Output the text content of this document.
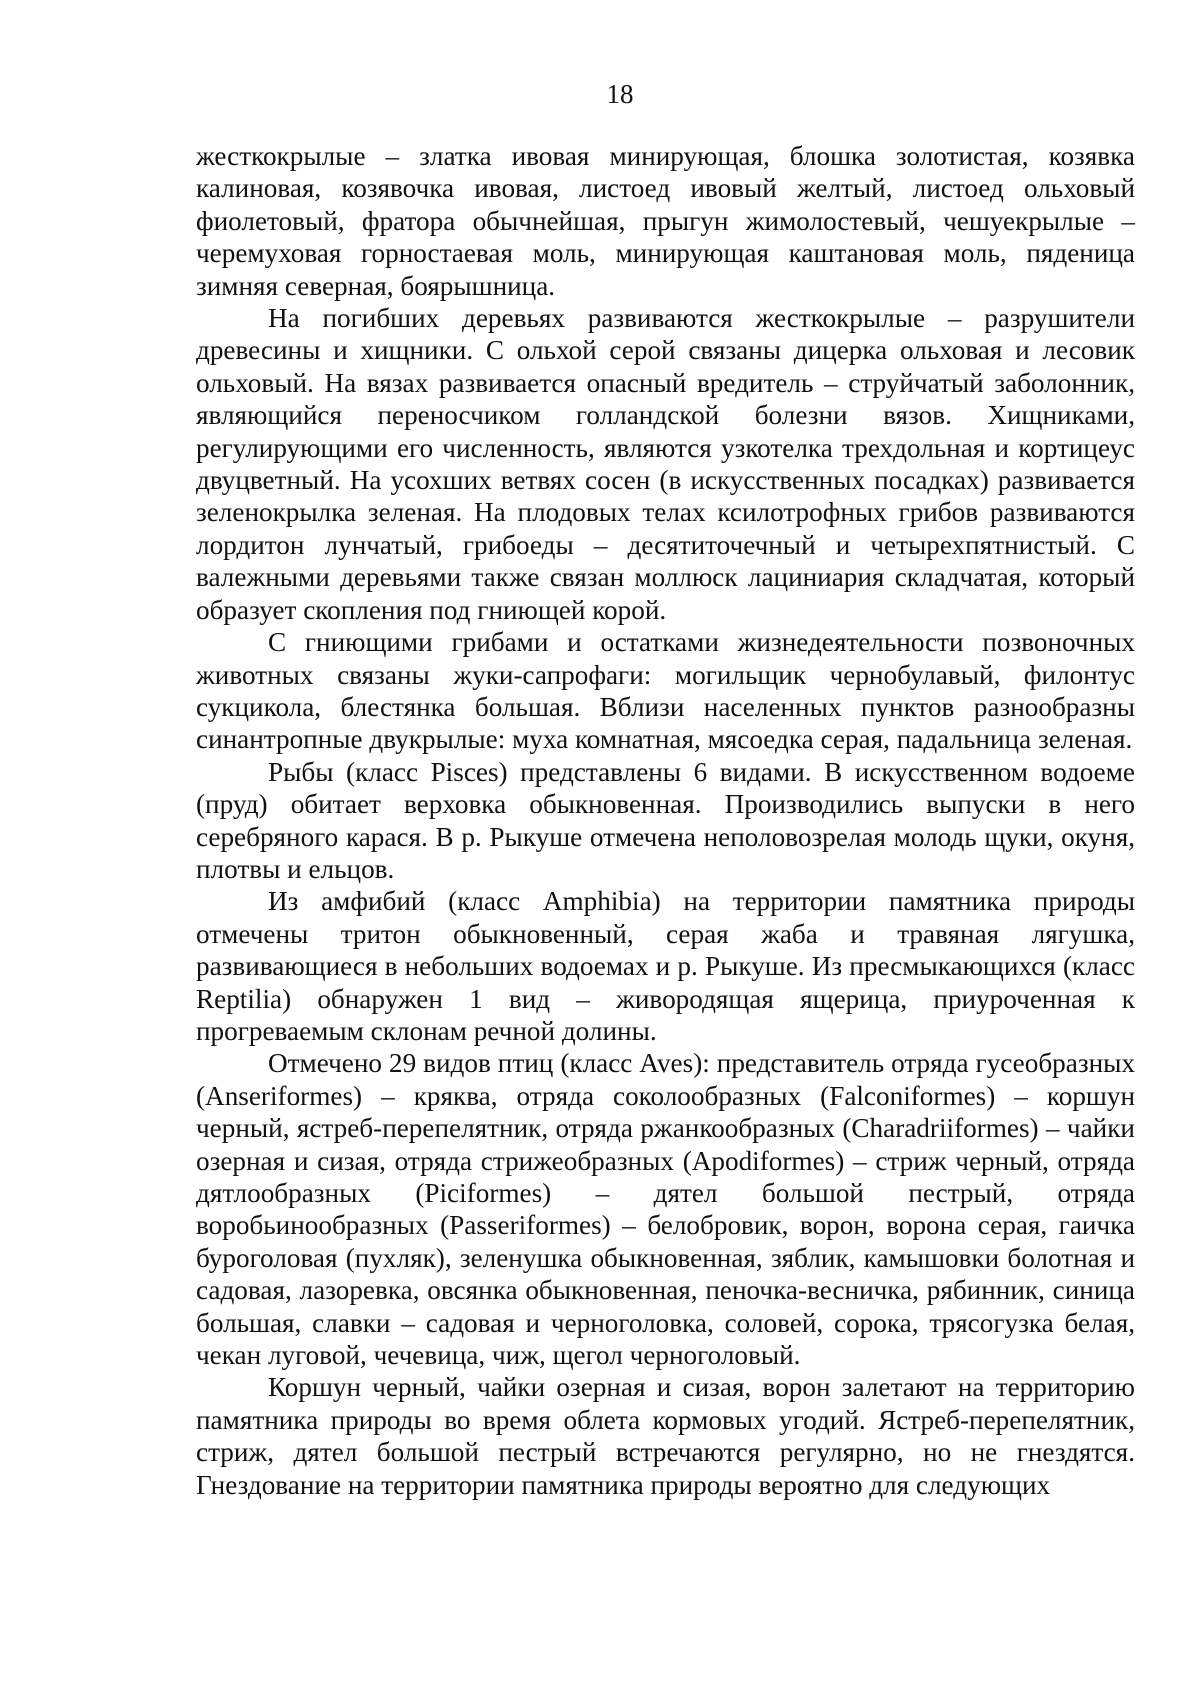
18

жесткокрылые – златка ивовая минирующая, блошка золотистая, козявка калиновая, козявочка ивовая, листоед ивовый желтый, листоед ольховый фиолетовый, фратора обычнейшая, прыгун жимолостевый, чешуекрылые – черемуховая горностаевая моль, минирующая каштановая моль, пяденица зимняя северная, боярышница.

На погибших деревьях развиваются жесткокрылые – разрушители древесины и хищники. С ольхой серой связаны дицерка ольховая и лесовик ольховый. На вязах развивается опасный вредитель – струйчатый заболонник, являющийся переносчиком голландской болезни вязов. Хищниками, регулирующими его численность, являются узкотелка трехдольная и кортицеус двуцветный. На усохших ветвях сосен (в искусственных посадках) развивается зеленокрылка зеленая. На плодовых телах ксилотрофных грибов развиваются лордитон лунчатый, грибоеды – десятиточечный и четырехпятнистый. С валежными деревьями также связан моллюск лациниария складчатая, который образует скопления под гниющей корой.

С гниющими грибами и остатками жизнедеятельности позвоночных животных связаны жуки-сапрофаги: могильщик чернобулавый, филонтус сукцикола, блестянка большая. Вблизи населенных пунктов разнообразны синантропные двукрылые: муха комнатная, мясоедка серая, падальница зеленая.

Рыбы (класс Pisces) представлены 6 видами. В искусственном водоеме (пруд) обитает верховка обыкновенная. Производились выпуски в него серебряного карася. В р. Рыкуше отмечена неполовозрелая молодь щуки, окуня, плотвы и ельцов.

Из амфибий (класс Amphibia) на территории памятника природы отмечены тритон обыкновенный, серая жаба и травяная лягушка, развивающиеся в небольших водоемах и р. Рыкуше. Из пресмыкающихся (класс Reptilia) обнаружен 1 вид – живородящая ящерица, приуроченная к прогреваемым склонам речной долины.

Отмечено 29 видов птиц (класс Aves): представитель отряда гусеобразных (Anseriformes) – кряква, отряда соколообразных (Falconiformes) – коршун черный, ястреб-перепелятник, отряда ржанкообразных (Charadriiformes) – чайки озерная и сизая, отряда стрижеобразных (Apodiformes) – стриж черный, отряда дятлообразных (Piciformes) – дятел большой пестрый, отряда воробьинообразных (Passeriformes) – белобровик, ворон, ворона серая, гаичка буроголовая (пухляк), зеленушка обыкновенная, зяблик, камышовки болотная и садовая, лазоревка, овсянка обыкновенная, пеночка-весничка, рябинник, синица большая, славки – садовая и черноголовка, соловей, сорока, трясогузка белая, чекан луговой, чечевица, чиж, щегол черноголовый.

Коршун черный, чайки озерная и сизая, ворон залетают на территорию памятника природы во время облета кормовых угодий. Ястреб-перепелятник, стриж, дятел большой пестрый встречаются регулярно, но не гнездятся. Гнездование на территории памятника природы вероятно для следующих
